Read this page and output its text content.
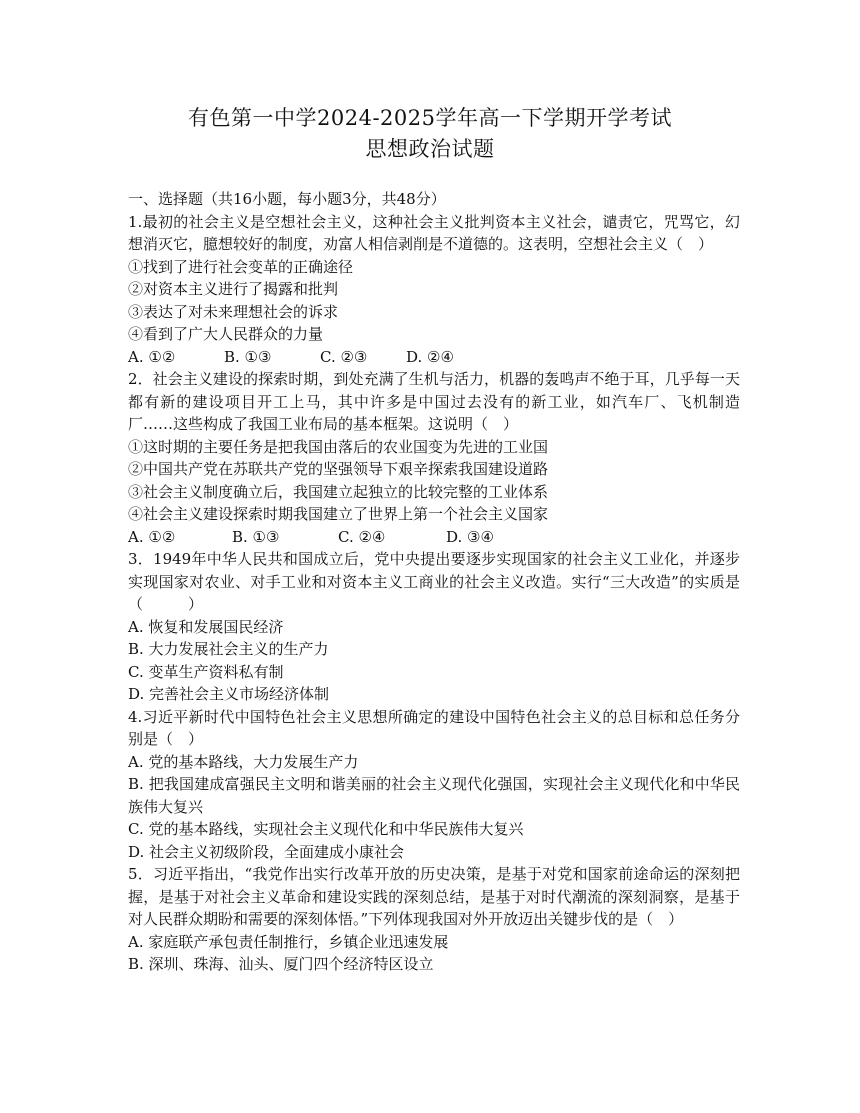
有色第一中学2024-2025学年高一下学期开学考试
思想政治试题
一、选择题（共16小题，每小题3分，共48分）
1.最初的社会主义是空想社会主义，这种社会主义批判资本主义社会，谴责它，咒骂它，幻想消灭它，臆想较好的制度，劝富人相信剥削是不道德的。这表明，空想社会主义（　）
①找到了进行社会变革的正确途径
②对资本主义进行了揭露和批判
③表达了对未来理想社会的诉求
④看到了广大人民群众的力量
A. ①②	B. ①③	C. ②③	D. ②④
2．社会主义建设的探索时期，到处充满了生机与活力，机器的轰鸣声不绝于耳，几乎每一天都有新的建设项目开工上马，其中许多是中国过去没有的新工业，如汽车厂、飞机制造厂……这些构成了我国工业布局的基本框架。这说明（　）
①这时期的主要任务是把我国由落后的农业国变为先进的工业国
②中国共产党在苏联共产党的坚强领导下艰辛探索我国建设道路
③社会主义制度确立后，我国建立起独立的比较完整的工业体系
④社会主义建设探索时期我国建立了世界上第一个社会主义国家
A. ①②	B. ①③	C. ②④	D. ③④
3．1949年中华人民共和国成立后，党中央提出要逐步实现国家的社会主义工业化，并逐步实现国家对农业、对手工业和对资本主义工商业的社会主义改造。实行“三大改造”的实质是（　　　）
A. 恢复和发展国民经济
B. 大力发展社会主义的生产力
C. 变革生产资料私有制
D. 完善社会主义市场经济体制
4.习近平新时代中国特色社会主义思想所确定的建设中国特色社会主义的总目标和总任务分别是（　）
A. 党的基本路线，大力发展生产力
B. 把我国建成富强民主文明和谐美丽的社会主义现代化强国，实现社会主义现代化和中华民族伟大复兴
C. 党的基本路线，实现社会主义现代化和中华民族伟大复兴
D. 社会主义初级阶段，全面建成小康社会
5．习近平指出，“我党作出实行改革开放的历史决策，是基于对党和国家前途命运的深刻把握，是基于对社会主义革命和建设实践的深刻总结，是基于对时代潮流的深刻洞察，是基于对人民群众期盼和需要的深刻体悟。”下列体现我国对外开放迈出关键步伐的是（　）
A. 家庭联产承包责任制推行，乡镇企业迅速发展
B. 深圳、珠海、汕头、厦门四个经济特区设立
